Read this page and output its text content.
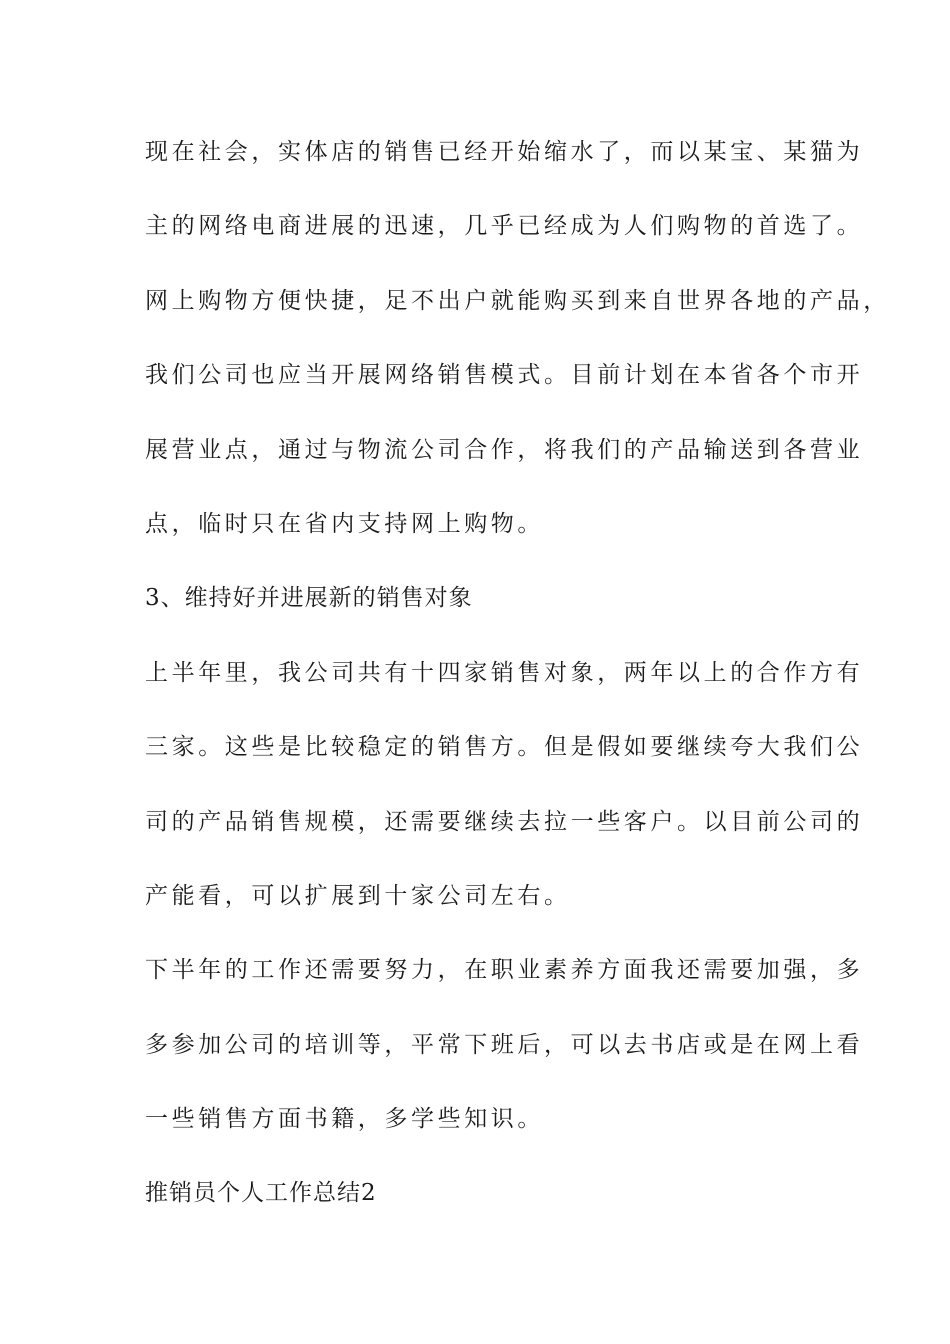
现在社会，实体店的销售已经开始缩水了，而以某宝、某猫为
主的网络电商进展的迅速，几乎已经成为人们购物的首选了。
网上购物方便快捷，足不出户就能购买到来自世界各地的产品，
我们公司也应当开展网络销售模式。目前计划在本省各个市开
展营业点，通过与物流公司合作，将我们的产品输送到各营业
点，临时只在省内支持网上购物。
3、维持好并进展新的销售对象
上半年里，我公司共有十四家销售对象，两年以上的合作方有
三家。这些是比较稳定的销售方。但是假如要继续夸大我们公
司的产品销售规模，还需要继续去拉一些客户。以目前公司的
产能看，可以扩展到十家公司左右。
下半年的工作还需要努力，在职业素养方面我还需要加强，多
多参加公司的培训等，平常下班后，可以去书店或是在网上看
一些销售方面书籍，多学些知识。
推销员个人工作总结2
